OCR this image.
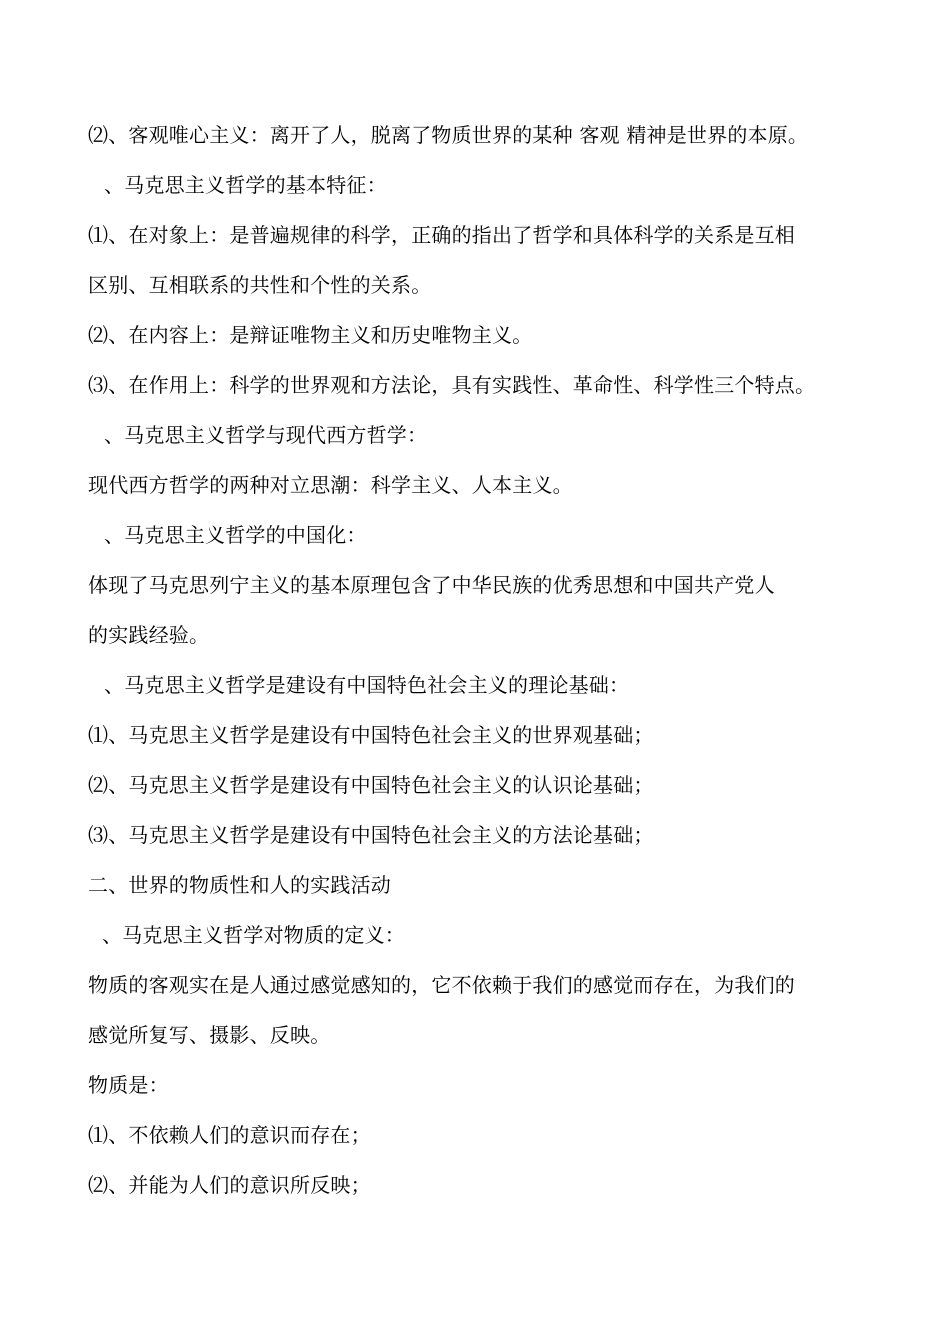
⑵、客观唯心主义：离开了人，脱离了物质世界的某种 客观 精神是世界的本原。
、马克思主义哲学的基本特征：
⑴、在对象上：是普遍规律的科学，正确的指出了哲学和具体科学的关系是互相
区别、互相联系的共性和个性的关系。
⑵、在内容上：是辩证唯物主义和历史唯物主义。
⑶、在作用上：科学的世界观和方法论，具有实践性、革命性、科学性三个特点。
、马克思主义哲学与现代西方哲学：
现代西方哲学的两种对立思潮：科学主义、人本主义。
、马克思主义哲学的中国化：
体现了马克思列宁主义的基本原理包含了中华民族的优秀思想和中国共产党人
的实践经验。
、马克思主义哲学是建设有中国特色社会主义的理论基础：
⑴、马克思主义哲学是建设有中国特色社会主义的世界观基础；
⑵、马克思主义哲学是建设有中国特色社会主义的认识论基础；
⑶、马克思主义哲学是建设有中国特色社会主义的方法论基础；
二、世界的物质性和人的实践活动
、马克思主义哲学对物质的定义：
物质的客观实在是人通过感觉感知的，它不依赖于我们的感觉而存在，为我们的
感觉所复写、摄影、反映。
物质是：
⑴、不依赖人们的意识而存在；
⑵、并能为人们的意识所反映；
